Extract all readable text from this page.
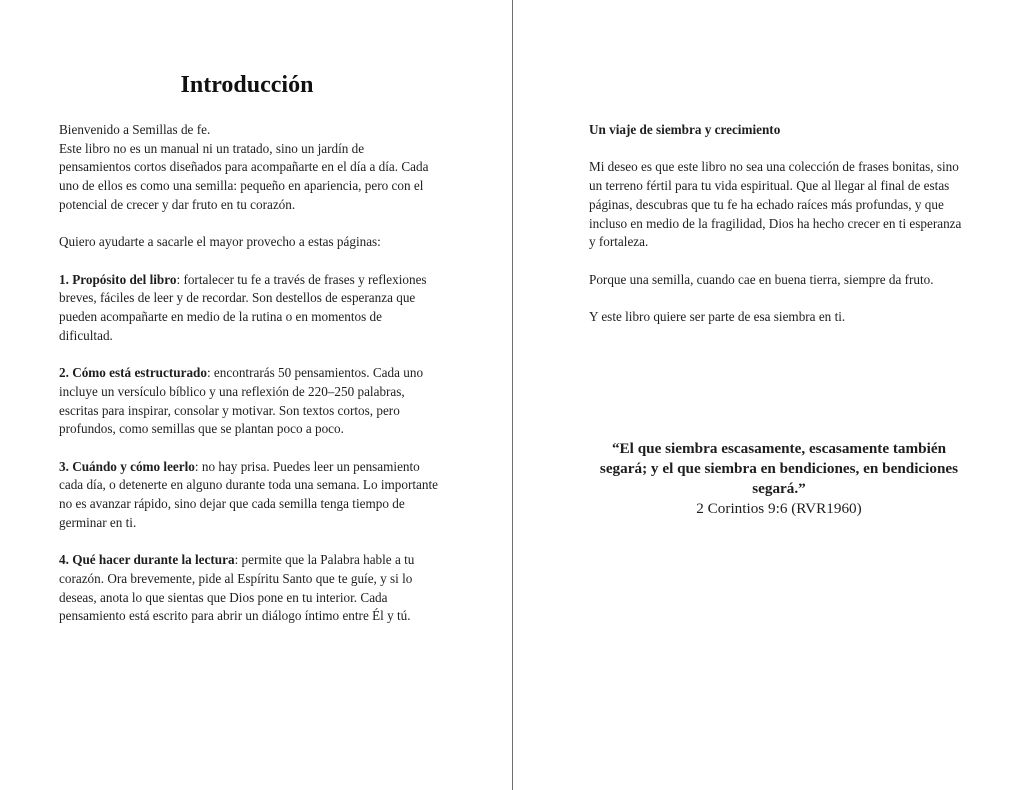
Introducción

Bienvenido a Semillas de fe.
Este libro no es un manual ni un tratado, sino un jardín de pensamientos cortos diseñados para acompañarte en el día a día. Cada uno de ellos es como una semilla: pequeño en apariencia, pero con el potencial de crecer y dar fruto en tu corazón.

Quiero ayudarte a sacarle el mayor provecho a estas páginas:

1. Propósito del libro: fortalecer tu fe a través de frases y reflexiones breves, fáciles de leer y de recordar. Son destellos de esperanza que pueden acompañarte en medio de la rutina o en momentos de dificultad.

2. Cómo está estructurado: encontrarás 50 pensamientos. Cada uno incluye un versículo bíblico y una reflexión de 220–250 palabras, escritas para inspirar, consolar y motivar. Son textos cortos, pero profundos, como semillas que se plantan poco a poco.

3. Cuándo y cómo leerlo: no hay prisa. Puedes leer un pensamiento cada día, o detenerte en alguno durante toda una semana. Lo importante no es avanzar rápido, sino dejar que cada semilla tenga tiempo de germinar en ti.

4. Qué hacer durante la lectura: permite que la Palabra hable a tu corazón. Ora brevemente, pide al Espíritu Santo que te guíe, y si lo deseas, anota lo que sientas que Dios pone en tu interior. Cada pensamiento está escrito para abrir un diálogo íntimo entre Él y tú.

Un viaje de siembra y crecimiento

Mi deseo es que este libro no sea una colección de frases bonitas, sino un terreno fértil para tu vida espiritual. Que al llegar al final de estas páginas, descubras que tu fe ha echado raíces más profundas, y que incluso en medio de la fragilidad, Dios ha hecho crecer en ti esperanza y fortaleza.

Porque una semilla, cuando cae en buena tierra, siempre da fruto.

Y este libro quiere ser parte de esa siembra en ti.

“El que siembra escasamente, escasamente también segará; y el que siembra en bendiciones, en bendiciones segará.”
2 Corintios 9:6 (RVR1960)
